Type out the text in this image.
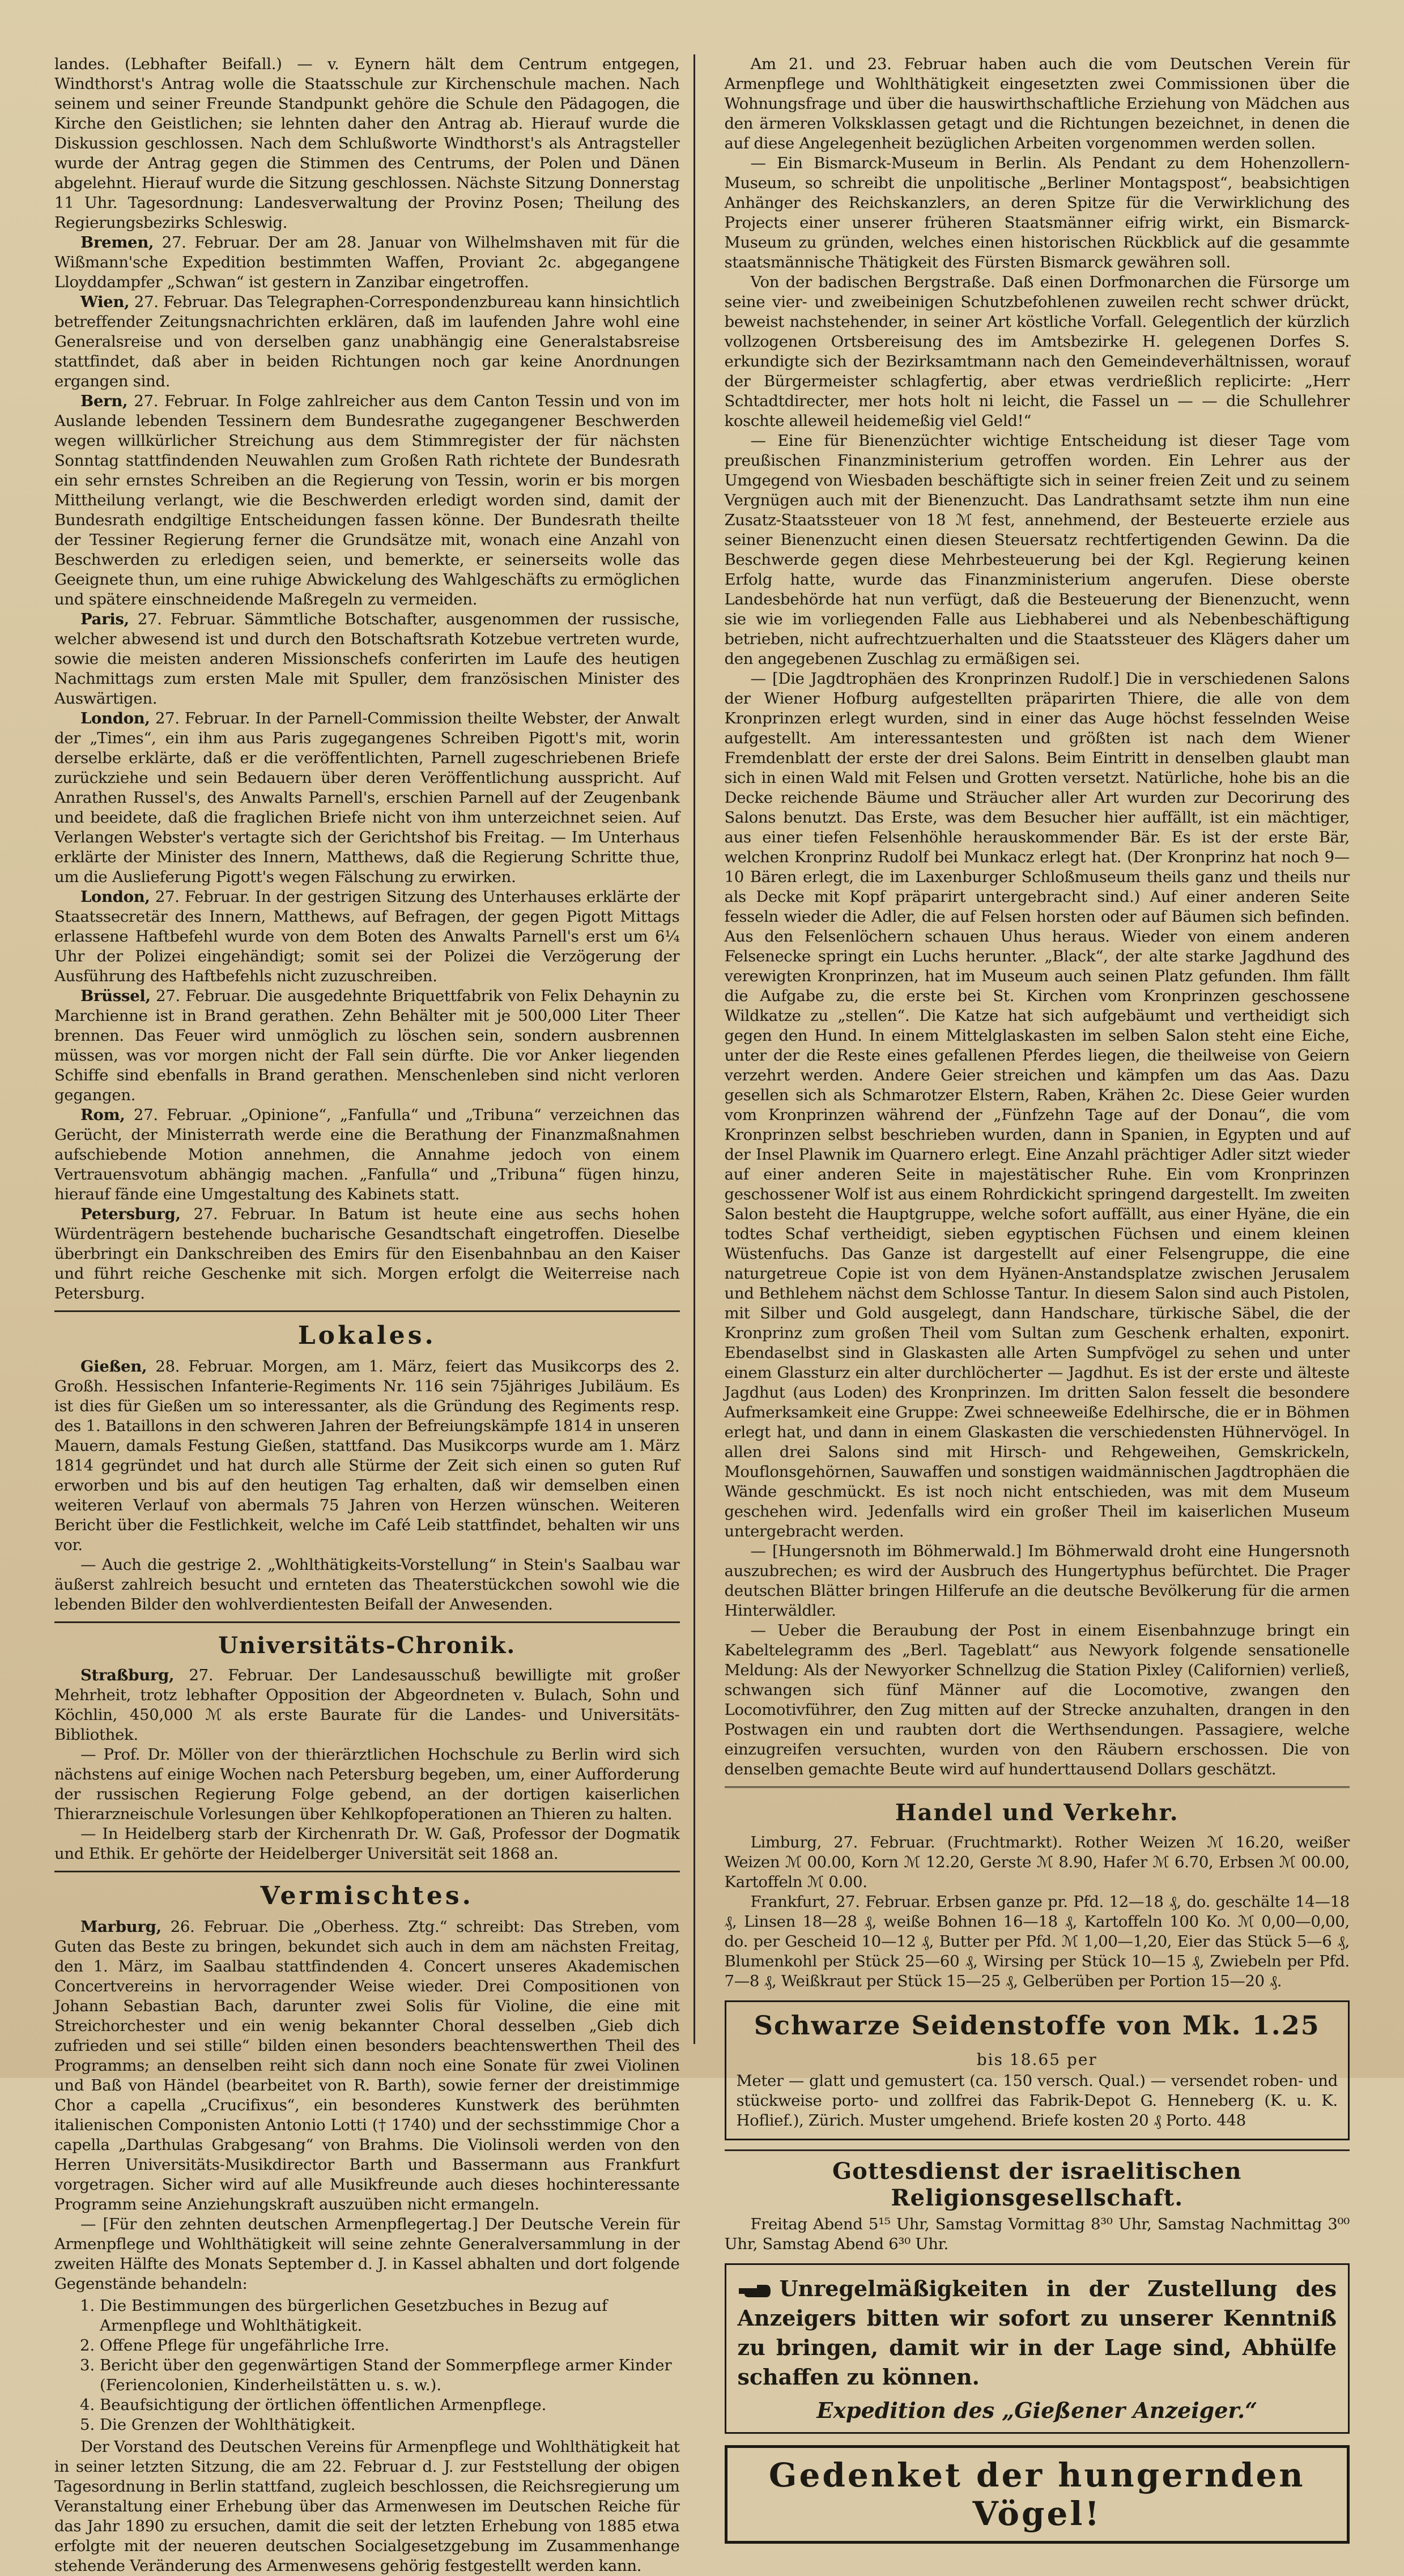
landes. (Lebhafter Beifall.) — v. Eynern hält dem Centrum entgegen, Windthorst's Antrag wolle die Staatsschule zur Kirchenschule machen. Nach seinem und seiner Freunde Standpunkt gehöre die Schule den Pädagogen, die Kirche den Geistlichen; sie lehnten daher den Antrag ab. Hierauf wurde die Diskussion geschlossen. Nach dem Schlußworte Windthorst's als Antragsteller wurde der Antrag gegen die Stimmen des Centrums, der Polen und Dänen abgelehnt. Hierauf wurde die Sitzung geschlossen. Nächste Sitzung Donnerstag 11 Uhr. Tagesordnung: Landesverwaltung der Provinz Posen; Theilung des Regierungsbezirks Schleswig.

Bremen, 27. Februar. Der am 28. Januar von Wilhelmshaven mit für die Wißmann'sche Expedition bestimmten Waffen, Proviant 2c. abgegangene Lloyddampfer „Schwan“ ist gestern in Zanzibar eingetroffen.

Wien, 27. Februar. Das Telegraphen-Correspondenzbureau kann hinsichtlich betreffender Zeitungsnachrichten erklären, daß im laufenden Jahre wohl eine Generalsreise und von derselben ganz unabhängig eine Generalstabsreise stattfindet, daß aber in beiden Richtungen noch gar keine Anordnungen ergangen sind.

Bern, 27. Februar. In Folge zahlreicher aus dem Canton Tessin und von im Auslande lebenden Tessinern dem Bundesrathe zugegangener Beschwerden wegen willkürlicher Streichung aus dem Stimmregister der für nächsten Sonntag stattfindenden Neuwahlen zum Großen Rath richtete der Bundesrath ein sehr ernstes Schreiben an die Regierung von Tessin, worin er bis morgen Mittheilung verlangt, wie die Beschwerden erledigt worden sind, damit der Bundesrath endgiltige Entscheidungen fassen könne. Der Bundesrath theilte der Tessiner Regierung ferner die Grundsätze mit, wonach eine Anzahl von Beschwerden zu erledigen seien, und bemerkte, er seinerseits wolle das Geeignete thun, um eine ruhige Abwickelung des Wahlgeschäfts zu ermöglichen und spätere einschneidende Maßregeln zu vermeiden.

Paris, 27. Februar. Sämmtliche Botschafter, ausgenommen der russische, welcher abwesend ist und durch den Botschaftsrath Kotzebue vertreten wurde, sowie die meisten anderen Missionschefs conferirten im Laufe des heutigen Nachmittags zum ersten Male mit Spuller, dem französischen Minister des Auswärtigen.

London, 27. Februar. In der Parnell-Commission theilte Webster, der Anwalt der „Times“, ein ihm aus Paris zugegangenes Schreiben Pigott's mit, worin derselbe erklärte, daß er die veröffentlichten, Parnell zugeschriebenen Briefe zurückziehe und sein Bedauern über deren Veröffentlichung ausspricht. Auf Anrathen Russel's, des Anwalts Parnell's, erschien Parnell auf der Zeugenbank und beeidete, daß die fraglichen Briefe nicht von ihm unterzeichnet seien. Auf Verlangen Webster's vertagte sich der Gerichtshof bis Freitag. — Im Unterhaus erklärte der Minister des Innern, Matthews, daß die Regierung Schritte thue, um die Auslieferung Pigott's wegen Fälschung zu erwirken.

London, 27. Februar. In der gestrigen Sitzung des Unterhauses erklärte der Staatssecretär des Innern, Matthews, auf Befragen, der gegen Pigott Mittags erlassene Haftbefehl wurde von dem Boten des Anwalts Parnell's erst um 6¼ Uhr der Polizei eingehändigt; somit sei der Polizei die Verzögerung der Ausführung des Haftbefehls nicht zuzuschreiben.

Brüssel, 27. Februar. Die ausgedehnte Briquettfabrik von Felix Dehaynin zu Marchienne ist in Brand gerathen. Zehn Behälter mit je 500,000 Liter Theer brennen. Das Feuer wird unmöglich zu löschen sein, sondern ausbrennen müssen, was vor morgen nicht der Fall sein dürfte. Die vor Anker liegenden Schiffe sind ebenfalls in Brand gerathen. Menschenleben sind nicht verloren gegangen.

Rom, 27. Februar. „Opinione“, „Fanfulla“ und „Tribuna“ verzeichnen das Gerücht, der Ministerrath werde eine die Berathung der Finanzmaßnahmen aufschiebende Motion annehmen, die Annahme jedoch von einem Vertrauensvotum abhängig machen. „Fanfulla“ und „Tribuna“ fügen hinzu, hierauf fände eine Umgestaltung des Kabinets statt.

Petersburg, 27. Februar. In Batum ist heute eine aus sechs hohen Würdenträgern bestehende bucharische Gesandtschaft eingetroffen. Dieselbe überbringt ein Dankschreiben des Emirs für den Eisenbahnbau an den Kaiser und führt reiche Geschenke mit sich. Morgen erfolgt die Weiterreise nach Petersburg.

Lokales.

Gießen, 28. Februar. Morgen, am 1. März, feiert das Musikcorps des 2. Großh. Hessischen Infanterie-Regiments Nr. 116 sein 75jähriges Jubiläum. Es ist dies für Gießen um so interessanter, als die Gründung des Regiments resp. des 1. Bataillons in den schweren Jahren der Befreiungskämpfe 1814 in unseren Mauern, damals Festung Gießen, stattfand. Das Musikcorps wurde am 1. März 1814 gegründet und hat durch alle Stürme der Zeit sich einen so guten Ruf erworben und bis auf den heutigen Tag erhalten, daß wir demselben einen weiteren Verlauf von abermals 75 Jahren von Herzen wünschen. Weiteren Bericht über die Festlichkeit, welche im Café Leib stattfindet, behalten wir uns vor.

— Auch die gestrige 2. „Wohlthätigkeits-Vorstellung“ in Stein's Saalbau war äußerst zahlreich besucht und ernteten das Theaterstückchen sowohl wie die lebenden Bilder den wohlverdientesten Beifall der Anwesenden.

Universitäts-Chronik.

Straßburg, 27. Februar. Der Landesausschuß bewilligte mit großer Mehrheit, trotz lebhafter Opposition der Abgeordneten v. Bulach, Sohn und Köchlin, 450,000 ℳ als erste Baurate für die Landes- und Universitäts-Bibliothek.

— Prof. Dr. Möller von der thierärztlichen Hochschule zu Berlin wird sich nächstens auf einige Wochen nach Petersburg begeben, um, einer Aufforderung der russischen Regierung Folge gebend, an der dortigen kaiserlichen Thierarzneischule Vorlesungen über Kehlkopfoperationen an Thieren zu halten.

— In Heidelberg starb der Kirchenrath Dr. W. Gaß, Professor der Dogmatik und Ethik. Er gehörte der Heidelberger Universität seit 1868 an.

Vermischtes.

Marburg, 26. Februar. Die „Oberhess. Ztg.“ schreibt: Das Streben, vom Guten das Beste zu bringen, bekundet sich auch in dem am nächsten Freitag, den 1. März, im Saalbau stattfindenden 4. Concert unseres Akademischen Concertvereins in hervorragender Weise wieder. Drei Compositionen von Johann Sebastian Bach, darunter zwei Solis für Violine, die eine mit Streichorchester und ein wenig bekannter Choral desselben „Gieb dich zufrieden und sei stille“ bilden einen besonders beachtenswerthen Theil des Programms; an denselben reiht sich dann noch eine Sonate für zwei Violinen und Baß von Händel (bearbeitet von R. Barth), sowie ferner der dreistimmige Chor a capella „Crucifixus“, ein besonderes Kunstwerk des berühmten italienischen Componisten Antonio Lotti († 1740) und der sechsstimmige Chor a capella „Darthulas Grabgesang“ von Brahms. Die Violinsoli werden von den Herren Universitäts-Musikdirector Barth und Bassermann aus Frankfurt vorgetragen. Sicher wird auf alle Musikfreunde auch dieses hochinteressante Programm seine Anziehungskraft auszuüben nicht ermangeln.

— [Für den zehnten deutschen Armenpflegertag.] Der Deutsche Verein für Armenpflege und Wohlthätigkeit will seine zehnte Generalversammlung in der zweiten Hälfte des Monats September d. J. in Kassel abhalten und dort folgende Gegenstände behandeln:

1. Die Bestimmungen des bürgerlichen Gesetzbuches in Bezug auf Armenpflege und Wohlthätigkeit.
2. Offene Pflege für ungefährliche Irre.
3. Bericht über den gegenwärtigen Stand der Sommerpflege armer Kinder (Feriencolonien, Kinderheilstätten u. s. w.).
4. Beaufsichtigung der örtlichen öffentlichen Armenpflege.
5. Die Grenzen der Wohlthätigkeit.

Der Vorstand des Deutschen Vereins für Armenpflege und Wohlthätigkeit hat in seiner letzten Sitzung, die am 22. Februar d. J. zur Feststellung der obigen Tagesordnung in Berlin stattfand, zugleich beschlossen, die Reichsregierung um Veranstaltung einer Erhebung über das Armenwesen im Deutschen Reiche für das Jahr 1890 zu ersuchen, damit die seit der letzten Erhebung von 1885 etwa erfolgte mit der neueren deutschen Socialgesetzgebung im Zusammenhange stehende Veränderung des Armenwesens gehörig festgestellt werden kann.

Am 21. und 23. Februar haben auch die vom Deutschen Verein für Armenpflege und Wohlthätigkeit eingesetzten zwei Commissionen über die Wohnungsfrage und über die hauswirthschaftliche Erziehung von Mädchen aus den ärmeren Volksklassen getagt und die Richtungen bezeichnet, in denen die auf diese Angelegenheit bezüglichen Arbeiten vorgenommen werden sollen.

— Ein Bismarck-Museum in Berlin. Als Pendant zu dem Hohenzollern-Museum, so schreibt die unpolitische „Berliner Montagspost“, beabsichtigen Anhänger des Reichskanzlers, an deren Spitze für die Verwirklichung des Projects einer unserer früheren Staatsmänner eifrig wirkt, ein Bismarck-Museum zu gründen, welches einen historischen Rückblick auf die gesammte staatsmännische Thätigkeit des Fürsten Bismarck gewähren soll.

Von der badischen Bergstraße. Daß einen Dorfmonarchen die Fürsorge um seine vier- und zweibeinigen Schutzbefohlenen zuweilen recht schwer drückt, beweist nachstehender, in seiner Art köstliche Vorfall. Gelegentlich der kürzlich vollzogenen Ortsbereisung des im Amtsbezirke H. gelegenen Dorfes S. erkundigte sich der Bezirksamtmann nach den Gemeindeverhältnissen, worauf der Bürgermeister schlagfertig, aber etwas verdrießlich replicirte: „Herr Schtadtdirecter, mer hots holt ni leicht, die Fassel un — — die Schullehrer koschte alleweil heidemeßig viel Geld!“

— Eine für Bienenzüchter wichtige Entscheidung ist dieser Tage vom preußischen Finanzministerium getroffen worden. Ein Lehrer aus der Umgegend von Wiesbaden beschäftigte sich in seiner freien Zeit und zu seinem Vergnügen auch mit der Bienenzucht. Das Landrathsamt setzte ihm nun eine Zusatz-Staatssteuer von 18 ℳ fest, annehmend, der Besteuerte erziele aus seiner Bienenzucht einen diesen Steuersatz rechtfertigenden Gewinn. Da die Beschwerde gegen diese Mehrbesteuerung bei der Kgl. Regierung keinen Erfolg hatte, wurde das Finanzministerium angerufen. Diese oberste Landesbehörde hat nun verfügt, daß die Besteuerung der Bienenzucht, wenn sie wie im vorliegenden Falle aus Liebhaberei und als Nebenbeschäftigung betrieben, nicht aufrechtzuerhalten und die Staatssteuer des Klägers daher um den angegebenen Zuschlag zu ermäßigen sei.

— [Die Jagdtrophäen des Kronprinzen Rudolf.] Die in verschiedenen Salons der Wiener Hofburg aufgestellten präparirten Thiere, die alle von dem Kronprinzen erlegt wurden, sind in einer das Auge höchst fesselnden Weise aufgestellt. Am interessantesten und größten ist nach dem Wiener Fremdenblatt der erste der drei Salons. Beim Eintritt in denselben glaubt man sich in einen Wald mit Felsen und Grotten versetzt. Natürliche, hohe bis an die Decke reichende Bäume und Sträucher aller Art wurden zur Decorirung des Salons benutzt. Das Erste, was dem Besucher hier auffällt, ist ein mächtiger, aus einer tiefen Felsenhöhle herauskommender Bär. Es ist der erste Bär, welchen Kronprinz Rudolf bei Munkacz erlegt hat. (Der Kronprinz hat noch 9—10 Bären erlegt, die im Laxenburger Schloßmuseum theils ganz und theils nur als Decke mit Kopf präparirt untergebracht sind.) Auf einer anderen Seite fesseln wieder die Adler, die auf Felsen horsten oder auf Bäumen sich befinden. Aus den Felsenlöchern schauen Uhus heraus. Wieder von einem anderen Felsenecke springt ein Luchs herunter. „Black“, der alte starke Jagdhund des verewigten Kronprinzen, hat im Museum auch seinen Platz gefunden. Ihm fällt die Aufgabe zu, die erste bei St. Kirchen vom Kronprinzen geschossene Wildkatze zu „stellen“. Die Katze hat sich aufgebäumt und vertheidigt sich gegen den Hund. In einem Mittelglaskasten im selben Salon steht eine Eiche, unter der die Reste eines gefallenen Pferdes liegen, die theilweise von Geiern verzehrt werden. Andere Geier streichen und kämpfen um das Aas. Dazu gesellen sich als Schmarotzer Elstern, Raben, Krähen 2c. Diese Geier wurden vom Kronprinzen während der „Fünfzehn Tage auf der Donau“, die vom Kronprinzen selbst beschrieben wurden, dann in Spanien, in Egypten und auf der Insel Plawnik im Quarnero erlegt. Eine Anzahl prächtiger Adler sitzt wieder auf einer anderen Seite in majestätischer Ruhe. Ein vom Kronprinzen geschossener Wolf ist aus einem Rohrdickicht springend dargestellt. Im zweiten Salon besteht die Hauptgruppe, welche sofort auffällt, aus einer Hyäne, die ein todtes Schaf vertheidigt, sieben egyptischen Füchsen und einem kleinen Wüstenfuchs. Das Ganze ist dargestellt auf einer Felsengruppe, die eine naturgetreue Copie ist von dem Hyänen-Anstandsplatze zwischen Jerusalem und Bethlehem nächst dem Schlosse Tantur. In diesem Salon sind auch Pistolen, mit Silber und Gold ausgelegt, dann Handschare, türkische Säbel, die der Kronprinz zum großen Theil vom Sultan zum Geschenk erhalten, exponirt. Ebendaselbst sind in Glaskasten alle Arten Sumpfvögel zu sehen und unter einem Glassturz ein alter durchlöcherter — Jagdhut. Es ist der erste und älteste Jagdhut (aus Loden) des Kronprinzen. Im dritten Salon fesselt die besondere Aufmerksamkeit eine Gruppe: Zwei schneeweiße Edelhirsche, die er in Böhmen erlegt hat, und dann in einem Glaskasten die verschiedensten Hühnervögel. In allen drei Salons sind mit Hirsch- und Rehgeweihen, Gemskrickeln, Mouflonsgehörnen, Sauwaffen und sonstigen waidmännischen Jagdtrophäen die Wände geschmückt. Es ist noch nicht entschieden, was mit dem Museum geschehen wird. Jedenfalls wird ein großer Theil im kaiserlichen Museum untergebracht werden.

— [Hungersnoth im Böhmerwald.] Im Böhmerwald droht eine Hungersnoth auszubrechen; es wird der Ausbruch des Hungertyphus befürchtet. Die Prager deutschen Blätter bringen Hilferufe an die deutsche Bevölkerung für die armen Hinterwäldler.

— Ueber die Beraubung der Post in einem Eisenbahnzuge bringt ein Kabeltelegramm des „Berl. Tageblatt“ aus Newyork folgende sensationelle Meldung: Als der Newyorker Schnellzug die Station Pixley (Californien) verließ, schwangen sich fünf Männer auf die Locomotive, zwangen den Locomotivführer, den Zug mitten auf der Strecke anzuhalten, drangen in den Postwagen ein und raubten dort die Werthsendungen. Passagiere, welche einzugreifen versuchten, wurden von den Räubern erschossen. Die von denselben gemachte Beute wird auf hunderttausend Dollars geschätzt.

Handel und Verkehr.

Limburg, 27. Februar. (Fruchtmarkt). Rother Weizen ℳ 16.20, weißer Weizen ℳ 00.00, Korn ℳ 12.20, Gerste ℳ 8.90, Hafer ℳ 6.70, Erbsen ℳ 00.00, Kartoffeln ℳ 0.00.

Frankfurt, 27. Februar. Erbsen ganze pr. Pfd. 12—18 ₰, do. geschälte 14—18 ₰, Linsen 18—28 ₰, weiße Bohnen 16—18 ₰, Kartoffeln 100 Ko. ℳ 0,00—0,00, do. per Gescheid 10—12 ₰, Butter per Pfd. ℳ 1,00—1,20, Eier das Stück 5—6 ₰, Blumenkohl per Stück 25—60 ₰, Wirsing per Stück 10—15 ₰, Zwiebeln per Pfd. 7—8 ₰, Weißkraut per Stück 15—25 ₰, Gelberüben per Portion 15—20 ₰.

Schwarze Seidenstoffe von Mk. 1.25 bis 18.65 per

Meter — glatt und gemustert (ca. 150 versch. Qual.) — versendet roben- und stückweise porto- und zollfrei das Fabrik-Depot G. Henneberg (K. u. K. Hoflief.), Zürich. Muster umgehend. Briefe kosten 20 ₰ Porto. 448

Gottesdienst der israelitischen Religionsgesellschaft.

Freitag Abend 5¹⁵ Uhr, Samstag Vormittag 8³⁰ Uhr, Samstag Nachmittag 3⁰⁰ Uhr, Samstag Abend 6³⁰ Uhr.

Unregelmäßigkeiten in der Zustellung des Anzeigers bitten wir sofort zu unserer Kenntniß zu bringen, damit wir in der Lage sind, Abhülfe schaffen zu können.
Expedition des „Gießener Anzeiger.“
Gedenket der hungernden Vögel!
